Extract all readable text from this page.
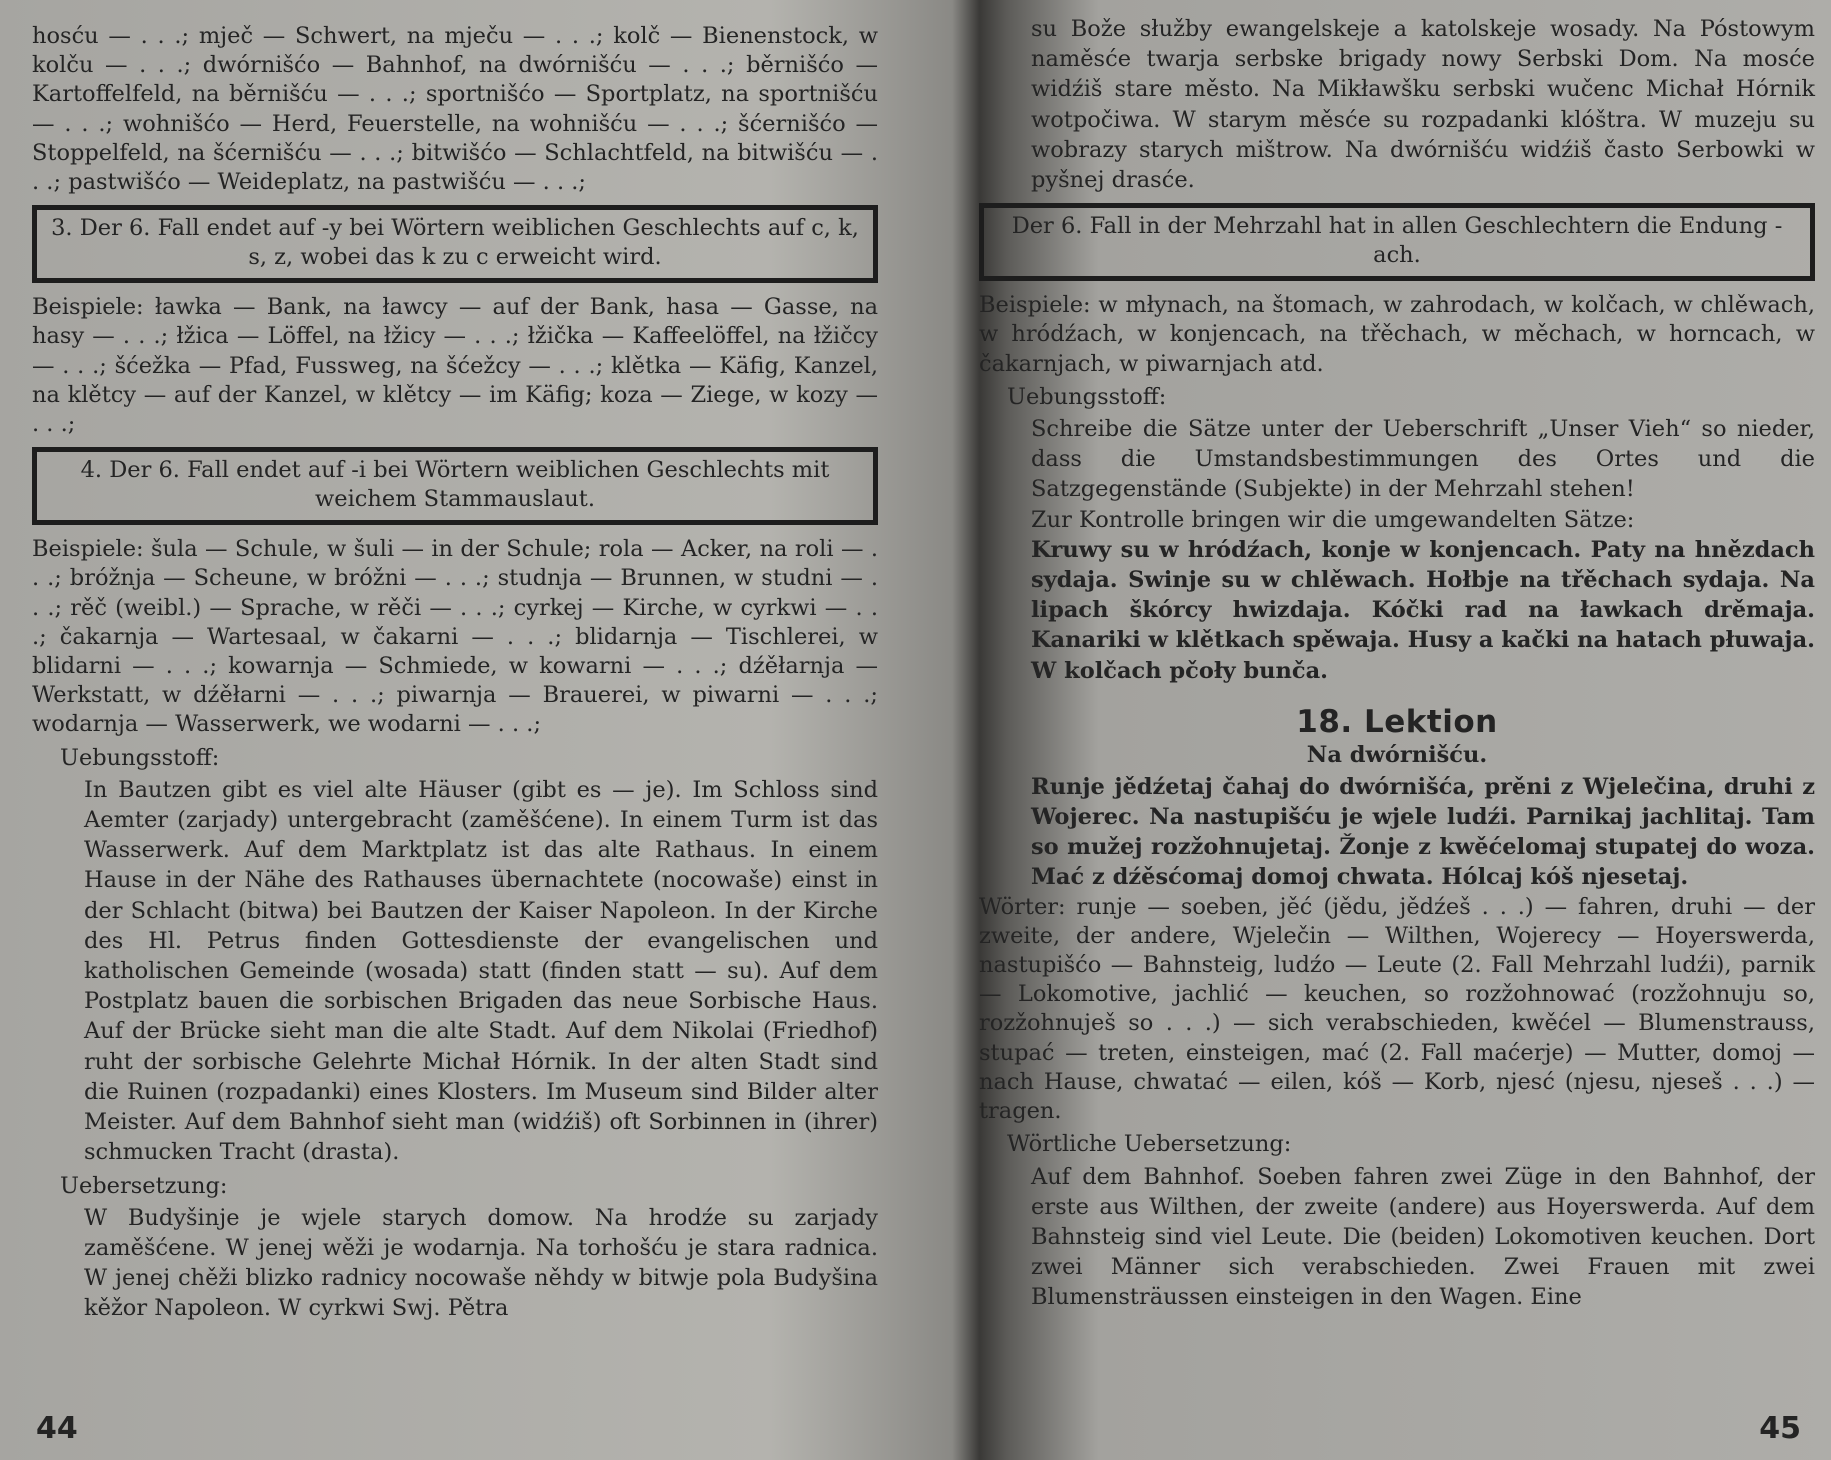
hosću — . . .; mječ — Schwert, na mječu — . . .; kolč — Bienenstock, w kolču — . . .; dwórnišćo — Bahnhof, na dwórnišću — . . .; běrnišćo — Kartoffelfeld, na běrnišću — . . .; sportnišćo — Sportplatz, na sportnišću — . . .; wohnišćo — Herd, Feuerstelle, na wohnišću — . . .; šćernišćo — Stoppelfeld, na šćernišću — . . .; bitwišćo — Schlachtfeld, na bitwišću — . . .; pastwišćo — Weideplatz, na pastwišću — . . .;

3. Der 6. Fall endet auf -y bei Wörtern weiblichen Geschlechts auf c, k, s, z, wobei das k zu c erweicht wird.

Beispiele: ławka — Bank, na ławcy — auf der Bank, hasa — Gasse, na hasy — . . .; łžica — Löffel, na łžicy — . . .; łžička — Kaffeelöffel, na łžičcy — . . .; šćežka — Pfad, Fussweg, na šćežcy — . . .; klětka — Käfig, Kanzel, na klětcy — auf der Kanzel, w klětcy — im Käfig; koza — Ziege, w kozy — . . .;

4. Der 6. Fall endet auf -i bei Wörtern weiblichen Geschlechts mit weichem Stammauslaut.

Beispiele: šula — Schule, w šuli — in der Schule; rola — Acker, na roli — . . .; bróžnja — Scheune, w bróžni — . . .; studnja — Brunnen, w studni — . . .; rěč (weibl.) — Sprache, w rěči — . . .; cyrkej — Kirche, w cyrkwi — . . .; čakarnja — Wartesaal, w čakarni — . . .; blidarnja — Tischlerei, w blidarni — . . .; kowarnja — Schmiede, w kowarni — . . .; dźěłarnja — Werkstatt, w dźěłarni — . . .; piwarnja — Brauerei, w piwarni — . . .; wodarnja — Wasserwerk, we wodarni — . . .;

Uebungsstoff:

In Bautzen gibt es viel alte Häuser (gibt es — je). Im Schloss sind Aemter (zarjady) untergebracht (zaměšćene). In einem Turm ist das Wasserwerk. Auf dem Marktplatz ist das alte Rathaus. In einem Hause in der Nähe des Rathauses übernachtete (nocowaše) einst in der Schlacht (bitwa) bei Bautzen der Kaiser Napoleon. In der Kirche des Hl. Petrus finden Gottesdienste der evangelischen und katholischen Gemeinde (wosada) statt (finden statt — su). Auf dem Postplatz bauen die sorbischen Brigaden das neue Sorbische Haus. Auf der Brücke sieht man die alte Stadt. Auf dem Nikolai (Friedhof) ruht der sorbische Gelehrte Michał Hórnik. In der alten Stadt sind die Ruinen (rozpadanki) eines Klosters. Im Museum sind Bilder alter Meister. Auf dem Bahnhof sieht man (widźiš) oft Sorbinnen in (ihrer) schmucken Tracht (drasta).

Uebersetzung:

W Budyšinje je wjele starych domow. Na hrodźe su zarjady zaměšćene. W jenej wěži je wodarnja. Na torhošću je stara radnica. W jenej chěži blizko radnicy nocowaše něhdy w bitwje pola Budyšina kěžor Napoleon. W cyrkwi Swj. Pětra

44

su Bože słužby ewangelskeje a katolskeje wosady. Na Póstowym naměsće twarja serbske brigady nowy Serbski Dom. Na mosće widźiš stare město. Na Mikławšku serbski wučenc Michał Hórnik wotpočiwa. W starym měsće su rozpadanki klóštra. W muzeju su wobrazy starych mištrow. Na dwórnišću widźiš často Serbowki w pyšnej drasće.

Der 6. Fall in der Mehrzahl hat in allen Geschlechtern die Endung -ach.

Beispiele: w młynach, na štomach, w zahrodach, w kolčach, w chlěwach, w hródźach, w konjencach, na třěchach, w měchach, w horncach, w čakarnjach, w piwarnjach atd.

Uebungsstoff:

Schreibe die Sätze unter der Ueberschrift „Unser Vieh“ so nieder, dass die Umstandsbestimmungen des Ortes und die Satzgegenstände (Subjekte) in der Mehrzahl stehen!

Zur Kontrolle bringen wir die umgewandelten Sätze:

Kruwy su w hródźach, konje w konjencach. Paty na hnězdach sydaja. Swinje su w chlěwach. Hołbje na třěchach sydaja. Na lipach škórcy hwizdaja. Kóčki rad na ławkach drěmaja. Kanariki w klětkach spěwaja. Husy a kački na hatach płuwaja. W kolčach pčoły bunča.

18. Lektion
Na dwórnišću.

Runje jědźetaj čahaj do dwórnišća, prěni z Wjelečina, druhi z Wojerec. Na nastupišću je wjele ludźi. Parnikaj jachlitaj. Tam so mužej rozžohnujetaj. Žonje z kwěćelomaj stupatej do woza. Mać z dźěsćomaj domoj chwata. Hólcaj kóš njesetaj.

Wörter: runje — soeben, jěć (jědu, jědźeš . . .) — fahren, druhi — der zweite, der andere, Wjelečin — Wilthen, Wojerecy — Hoyerswerda, nastupišćo — Bahnsteig, ludźo — Leute (2. Fall Mehrzahl ludźi), parnik — Lokomotive, jachlić — keuchen, so rozžohnować (rozžohnuju so, rozžohnuješ so . . .) — sich verabschieden, kwěćel — Blumenstrauss, stupać — treten, einsteigen, mać (2. Fall maćerje) — Mutter, domoj — nach Hause, chwatać — eilen, kóš — Korb, njesć (njesu, njeseš . . .) — tragen.

Wörtliche Uebersetzung:

Auf dem Bahnhof. Soeben fahren zwei Züge in den Bahnhof, der erste aus Wilthen, der zweite (andere) aus Hoyerswerda. Auf dem Bahnsteig sind viel Leute. Die (beiden) Lokomotiven keuchen. Dort zwei Männer sich verabschieden. Zwei Frauen mit zwei Blumensträussen einsteigen in den Wagen. Eine

45
